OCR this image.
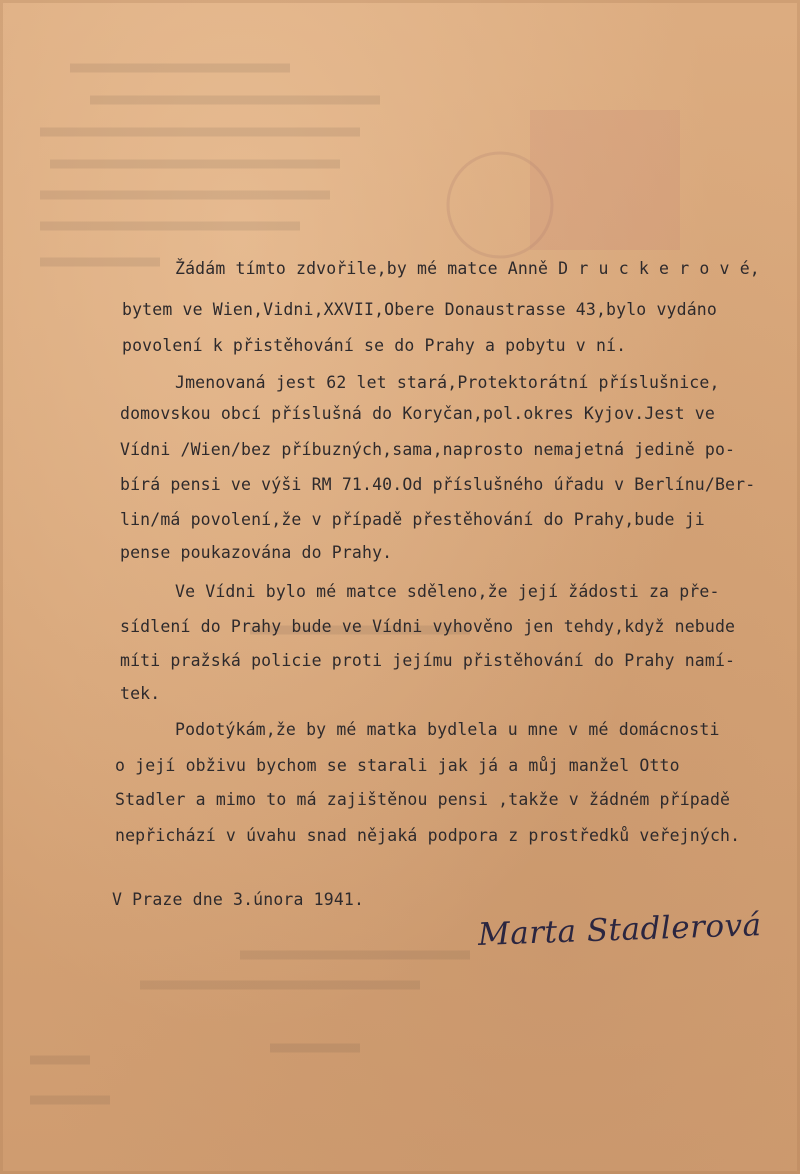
Žádám tímto zdvořile,by mé matce Anně D r u c k e r o v é,
bytem ve Wien,Vidni,XXVII,Obere Donaustrasse 43,bylo vydáno
povolení k přistěhování se do Prahy a pobytu v ní.
Jmenovaná jest 62 let stará,Protektorátní příslušnice,
domovskou obcí příslušná do Koryčan,pol.okres Kyjov.Jest ve
Vídni /Wien/bez příbuzných,sama,naprosto nemajetná jedině po-
bírá pensi ve výši RM 71.40.Od příslušného úřadu v Berlínu/Ber-
lin/má povolení,že v případě přestěhování do Prahy,bude ji
pense poukazována do Prahy.
Ve Vídni bylo mé matce sděleno,že její žádosti za pře-
sídlení do Prahy bude ve Vídni vyhověno jen tehdy,když nebude
míti pražská policie proti jejímu přistěhování do Prahy namí-
tek.
Podotýkám,že by mé matka bydlela u mne v mé domácnosti
o její obživu bychom se starali jak já a můj manžel Otto
Stadler a mimo to má zajištěnou pensi ,takže v žádném případě
nepřichází v úvahu snad nějaká podpora z prostředků veřejných.
V Praze dne 3.února 1941.
Marta Stadlerová
